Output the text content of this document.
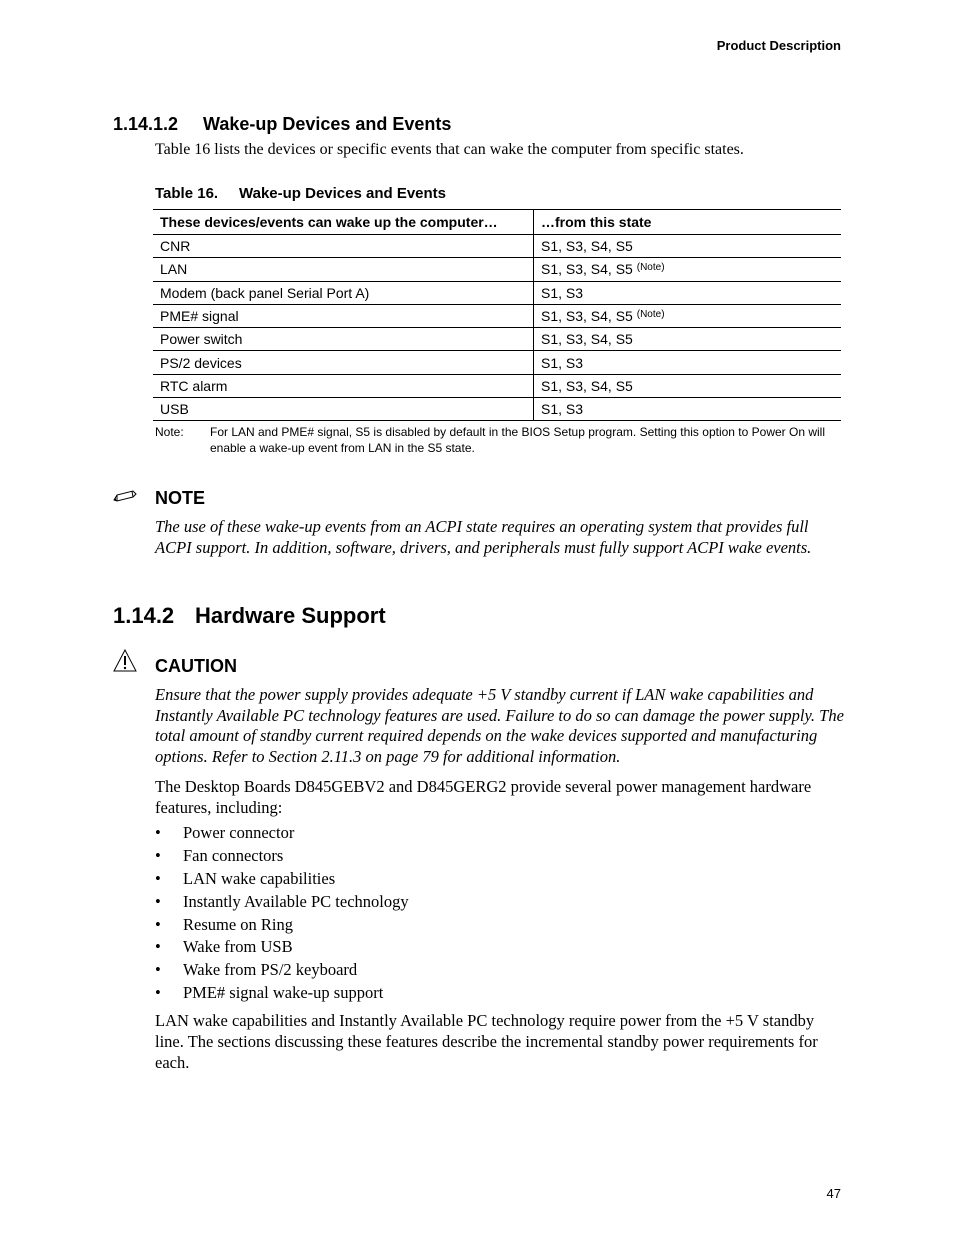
Product Description
1.14.1.2 Wake-up Devices and Events
Table 16 lists the devices or specific events that can wake the computer from specific states.
Table 16. Wake-up Devices and Events
These devices/events can wake up the computer…	…from this state
CNR	S1, S3, S4, S5
LAN	S1, S3, S4, S5 $^{(Note)}$
Modem (back panel Serial Port A)	S1, S3
PME# signal	S1, S3, S4, S5 $^{(Note)}$
Power switch	S1, S3, S4, S5
PS/2 devices	S1, S3
RTC alarm	S1, S3, S4, S5
USB	S1, S3
Note: For LAN and PME# signal, S5 is disabled by default in the BIOS Setup program. Setting this option to Power On will enable a wake-up event from LAN in the S5 state.
NOTE
The use of these wake-up events from an ACPI state requires an operating system that provides full ACPI support. In addition, software, drivers, and peripherals must fully support ACPI wake events.
1.14.2 Hardware Support
CAUTION
Ensure that the power supply provides adequate +5 V standby current if LAN wake capabilities and Instantly Available PC technology features are used. Failure to do so can damage the power supply. The total amount of standby current required depends on the wake devices supported and manufacturing options. Refer to Section 2.11.3 on page 79 for additional information.
The Desktop Boards D845GEBV2 and D845GERG2 provide several power management hardware features, including:
• Power connector
• Fan connectors
• LAN wake capabilities
• Instantly Available PC technology
• Resume on Ring
• Wake from USB
• Wake from PS/2 keyboard
• PME# signal wake-up support
LAN wake capabilities and Instantly Available PC technology require power from the +5 V standby line. The sections discussing these features describe the incremental standby power requirements for each.
47
